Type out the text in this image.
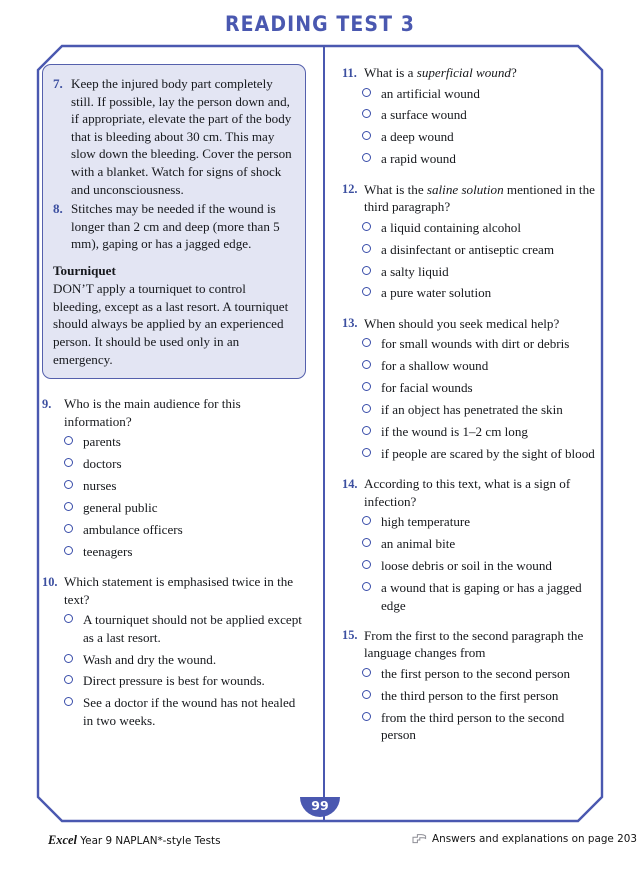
READING TEST 3
99
7. Keep the injured body part completely still. If possible, lay the person down and, if appropriate, elevate the part of the body that is bleeding about 30 cm. This may slow down the bleeding. Cover the person with a blanket. Watch for signs of shock and unconsciousness.
8. Stitches may be needed if the wound is longer than 2 cm and deep (more than 5 mm), gaping or has a jagged edge.
Tourniquet
DON’T apply a tourniquet to control bleeding, except as a last resort. A tourniquet should always be applied by an experienced person. It should be used only in an emergency.
9. Who is the main audience for this information?
parents
doctors
nurses
general public
ambulance officers
teenagers
10. Which statement is emphasised twice in the text?
A tourniquet should not be applied except as a last resort.
Wash and dry the wound.
Direct pressure is best for wounds.
See a doctor if the wound has not healed in two weeks.
11. What is a superficial wound?
an artificial wound
a surface wound
a deep wound
a rapid wound
12. What is the saline solution mentioned in the third paragraph?
a liquid containing alcohol
a disinfectant or antiseptic cream
a salty liquid
a pure water solution
13. When should you seek medical help?
for small wounds with dirt or debris
for a shallow wound
for facial wounds
if an object has penetrated the skin
if the wound is 1–2 cm long
if people are scared by the sight of blood
14. According to this text, what is a sign of infection?
high temperature
an animal bite
loose debris or soil in the wound
a wound that is gaping or has a jagged edge
15. From the first to the second paragraph the language changes from
the first person to the second person
the third person to the first person
from the third person to the second person
Excel Year 9 NAPLAN*-style Tests	Answers and explanations on page 203
